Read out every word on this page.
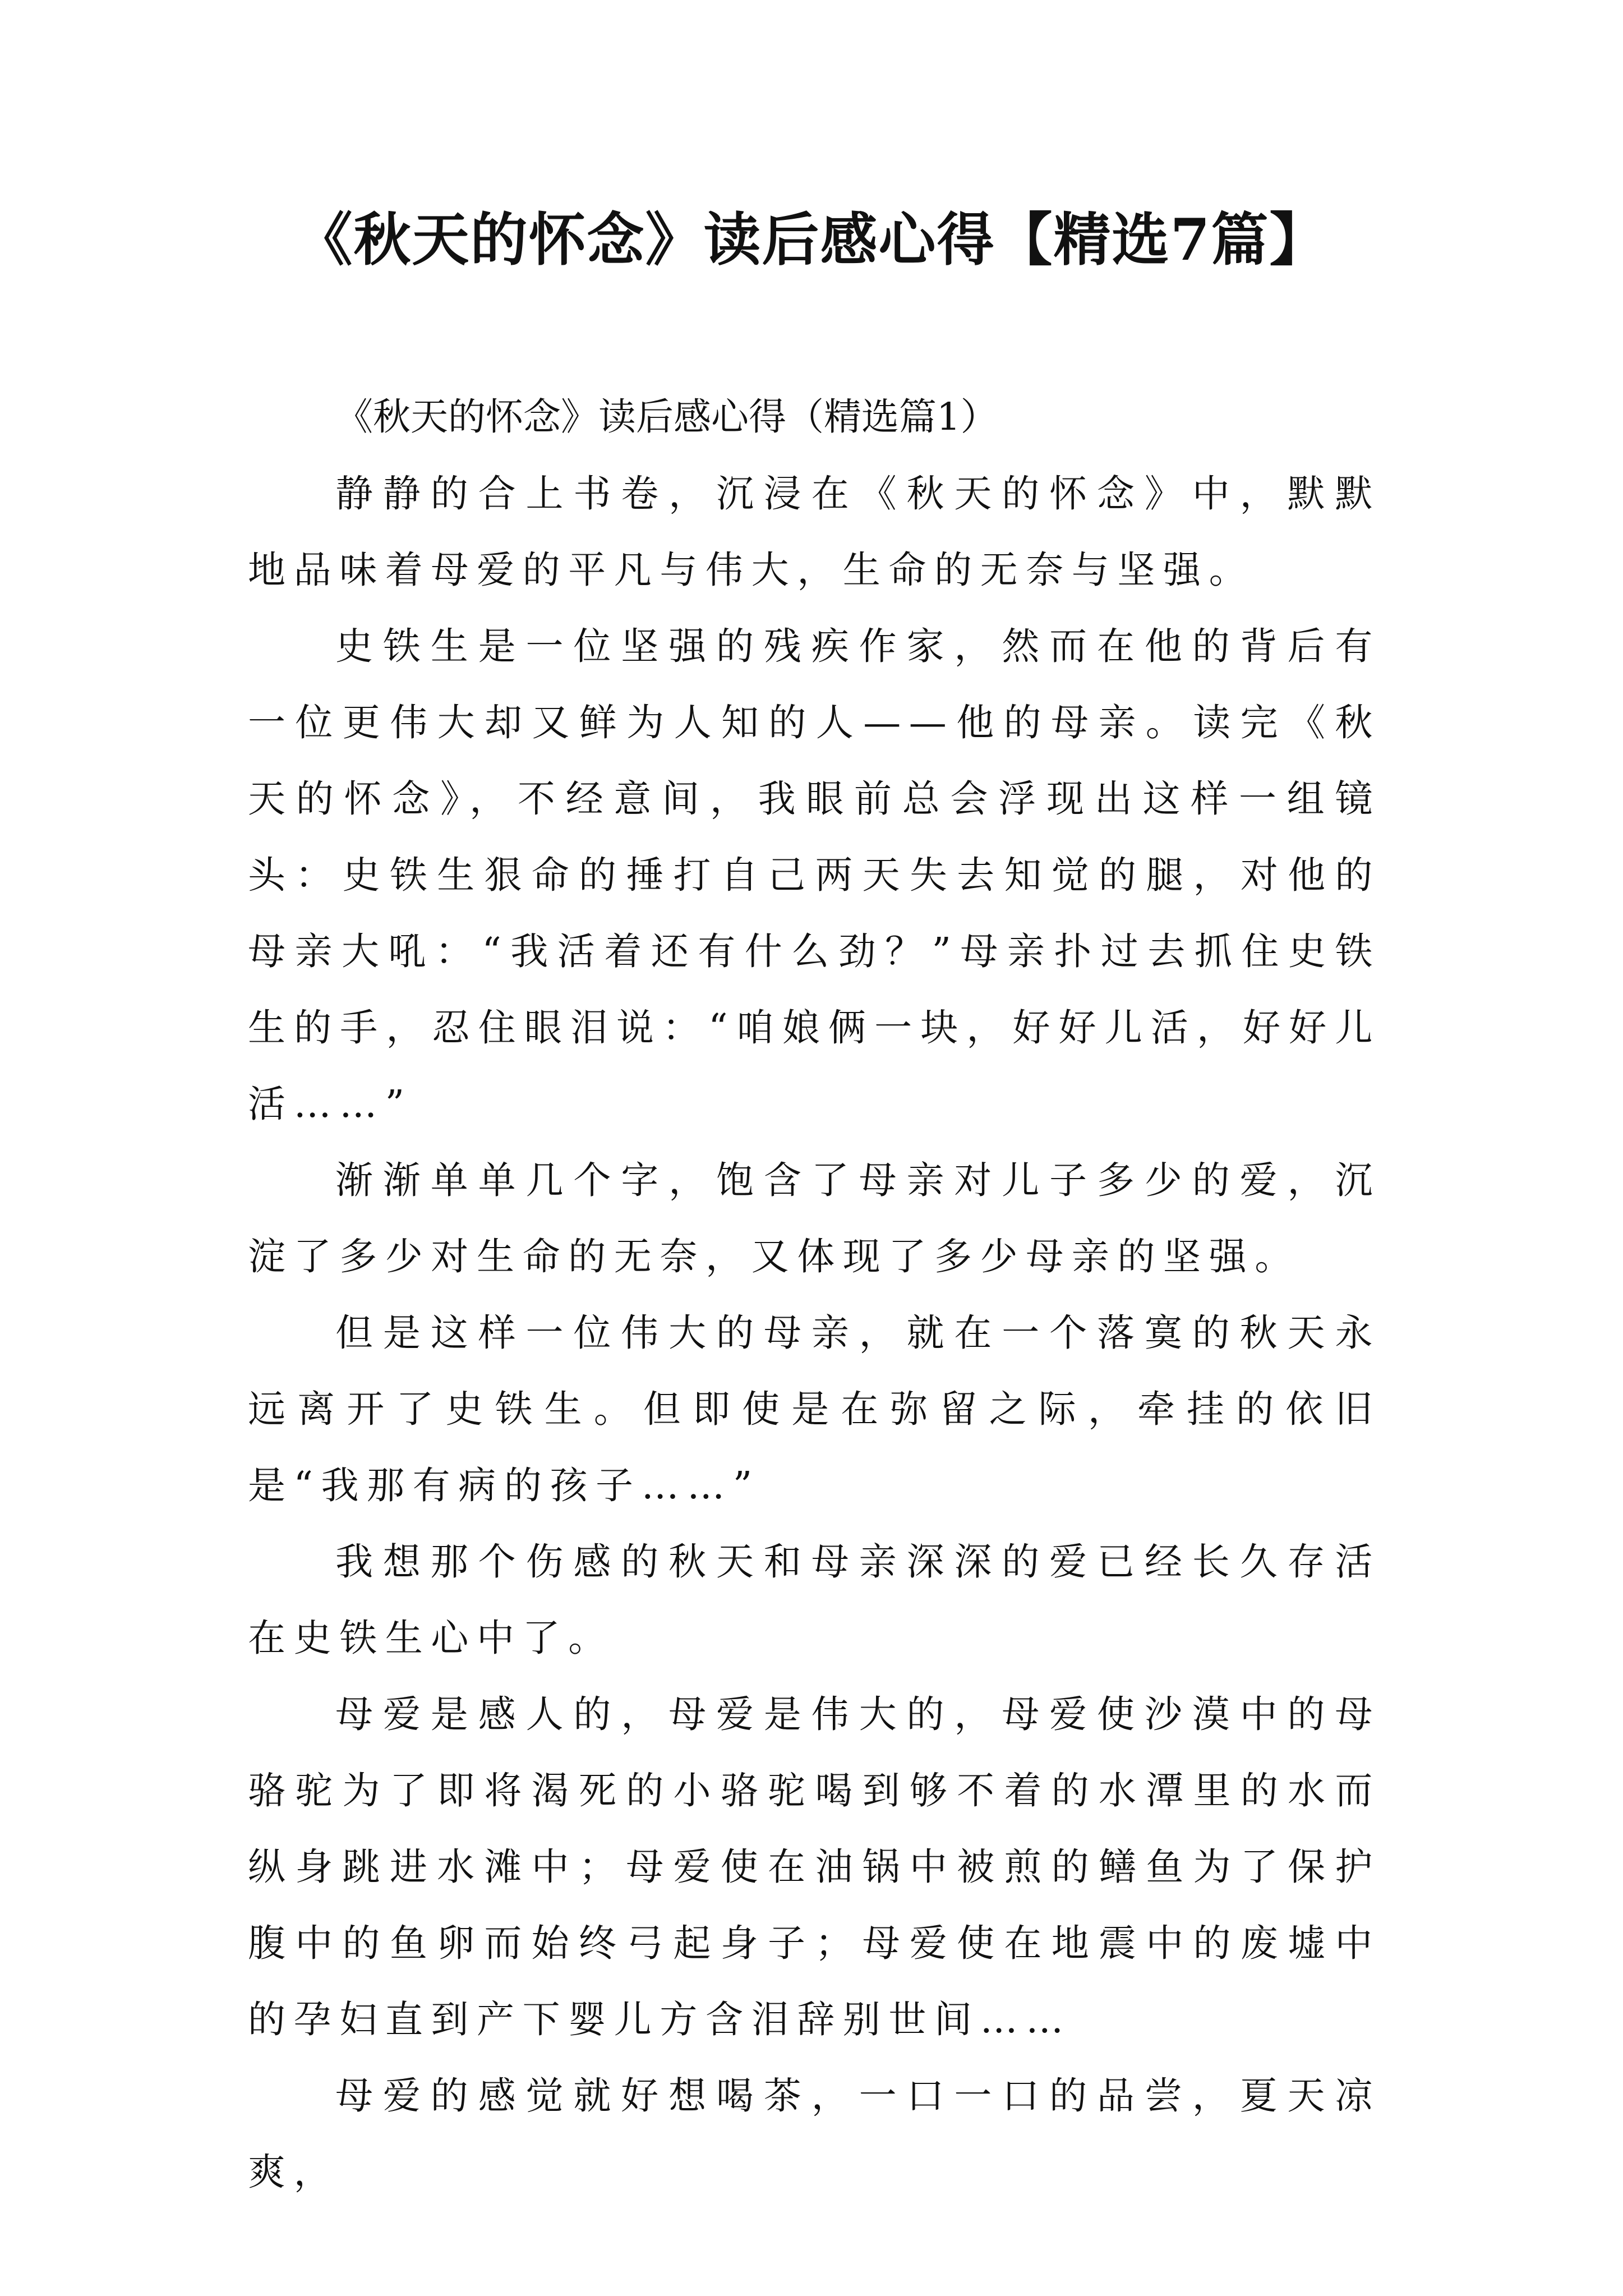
《秋天的怀念》读后感心得【精选7篇】

《秋天的怀念》读后感心得（精选篇1）

静静的合上书卷，沉浸在《秋天的怀念》中，默默地品味着母爱的平凡与伟大，生命的无奈与坚强。

史铁生是一位坚强的残疾作家，然而在他的背后有一位更伟大却又鲜为人知的人——他的母亲。读完《秋天的怀念》，不经意间，我眼前总会浮现出这样一组镜头：史铁生狠命的捶打自己两天失去知觉的腿，对他的母亲大吼：“我活着还有什么劲？”母亲扑过去抓住史铁生的手，忍住眼泪说：“咱娘俩一块，好好儿活，好好儿活……”

渐渐单单几个字，饱含了母亲对儿子多少的爱，沉淀了多少对生命的无奈，又体现了多少母亲的坚强。

但是这样一位伟大的母亲，就在一个落寞的秋天永远离开了史铁生。但即使是在弥留之际，牵挂的依旧是“我那有病的孩子……”

我想那个伤感的秋天和母亲深深的爱已经长久存活在史铁生心中了。

母爱是感人的，母爱是伟大的，母爱使沙漠中的母骆驼为了即将渴死的小骆驼喝到够不着的水潭里的水而纵身跳进水滩中；母爱使在油锅中被煎的鳝鱼为了保护腹中的鱼卵而始终弓起身子；母爱使在地震中的废墟中的孕妇直到产下婴儿方含泪辞别世间……

母爱的感觉就好想喝茶，一口一口的品尝，夏天凉爽，
